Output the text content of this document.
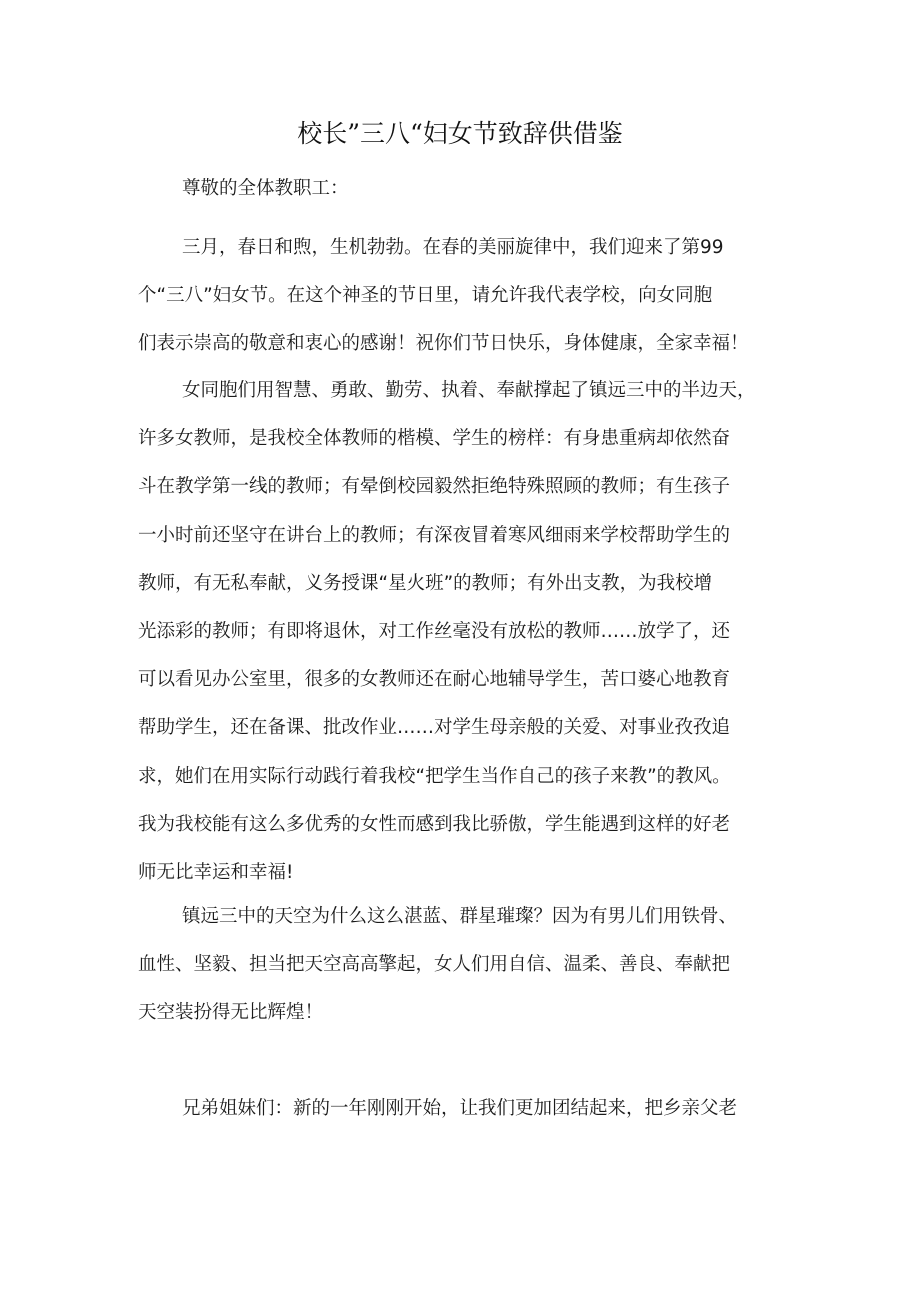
校长”三八“妇女节致辞供借鉴

尊敬的全体教职工：

三月，春日和煦，生机勃勃。在春的美丽旋律中，我们迎来了第99
个“三八”妇女节。在这个神圣的节日里，请允许我代表学校，向女同胞
们表示崇高的敬意和衷心的感谢！祝你们节日快乐，身体健康，全家幸福！
女同胞们用智慧、勇敢、勤劳、执着、奉献撑起了镇远三中的半边天，
许多女教师，是我校全体教师的楷模、学生的榜样：有身患重病却依然奋
斗在教学第一线的教师；有晕倒校园毅然拒绝特殊照顾的教师；有生孩子
一小时前还坚守在讲台上的教师；有深夜冒着寒风细雨来学校帮助学生的
教师，有无私奉献，义务授课“星火班”的教师；有外出支教，为我校增
光添彩的教师；有即将退休，对工作丝毫没有放松的教师……放学了，还
可以看见办公室里，很多的女教师还在耐心地辅导学生，苦口婆心地教育
帮助学生，还在备课、批改作业……对学生母亲般的关爱、对事业孜孜追
求，她们在用实际行动践行着我校“把学生当作自己的孩子来教”的教风。
我为我校能有这么多优秀的女性而感到我比骄傲，学生能遇到这样的好老
师无比幸运和幸福!
镇远三中的天空为什么这么湛蓝、群星璀璨？因为有男儿们用铁骨、
血性、坚毅、担当把天空高高擎起，女人们用自信、温柔、善良、奉献把
天空装扮得无比辉煌！
兄弟姐妹们：新的一年刚刚开始，让我们更加团结起来，把乡亲父老
